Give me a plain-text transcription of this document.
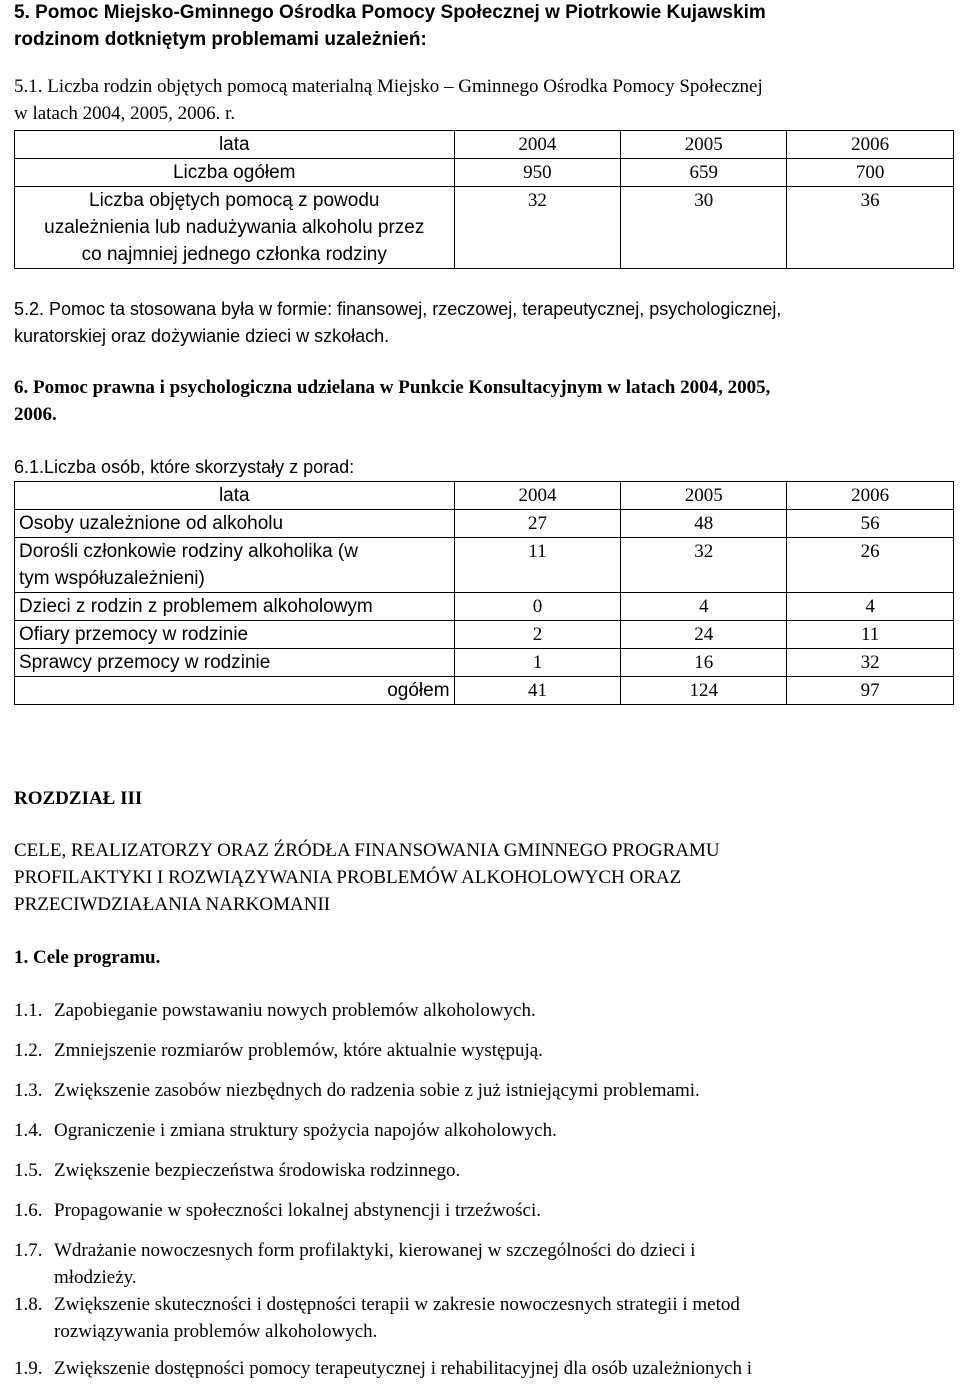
5. Pomoc Miejsko-Gminnego Ośrodka Pomocy Społecznej w Piotrkowie Kujawskim

rodzinom dotkniętym problemami uzależnień:

5.1. Liczba rodzin objętych pomocą materialną Miejsko – Gminnego Ośrodka Pomocy Społecznej

w latach 2004, 2005, 2006. r.

lata	2004	2005	2006
Liczba ogółem	950	659	700

Liczba objętych pomocą z powodu
uzależnienia lub nadużywania alkoholu przez
co najmniej jednego członka rodziny	32	30	36

5.2. Pomoc ta stosowana była w formie: finansowej, rzeczowej, terapeutycznej, psychologicznej,

kuratorskiej oraz dożywianie dzieci w szkołach.

6. Pomoc prawna i psychologiczna udzielana w Punkcie Konsultacyjnym w latach 2004, 2005,

2006.

6.1.Liczba osób, które skorzystały z porad:

lata	2004	2005	2006
Osoby uzależnione od alkoholu	27	48	56

Dorośli członkowie rodziny alkoholika (w
tym współuzależnieni)	11	32	26
Dzieci z rodzin z problemem alkoholowym	0	4	4
Ofiary przemocy w rodzinie	2	24	11
Sprawcy przemocy w rodzinie	1	16	32
ogółem	41	124	97

ROZDZIAŁ III

CELE, REALIZATORZY ORAZ ŹRÓDŁA FINANSOWANIA GMINNEGO PROGRAMU

PROFILAKTYKI I ROZWIĄZYWANIA PROBLEMÓW ALKOHOLOWYCH ORAZ

PRZECIWDZIAŁANIA NARKOMANII

1. Cele programu.

1.1. Zapobieganie powstawaniu nowych problemów alkoholowych.
1.2. Zmniejszenie rozmiarów problemów, które aktualnie występują.
1.3. Zwiększenie zasobów niezbędnych do radzenia sobie z już istniejącymi problemami.
1.4. Ograniczenie i zmiana struktury spożycia napojów alkoholowych.
1.5. Zwiększenie bezpieczeństwa środowiska rodzinnego.
1.6. Propagowanie w społeczności lokalnej abstynencji i trzeźwości.
1.7. Wdrażanie nowoczesnych form profilaktyki, kierowanej w szczególności do dzieci i
młodzieży.
1.8. Zwiększenie skuteczności i dostępności terapii w zakresie nowoczesnych strategii i metod
rozwiązywania problemów alkoholowych.
1.9. Zwiększenie dostępności pomocy terapeutycznej i rehabilitacyjnej dla osób uzależnionych i
